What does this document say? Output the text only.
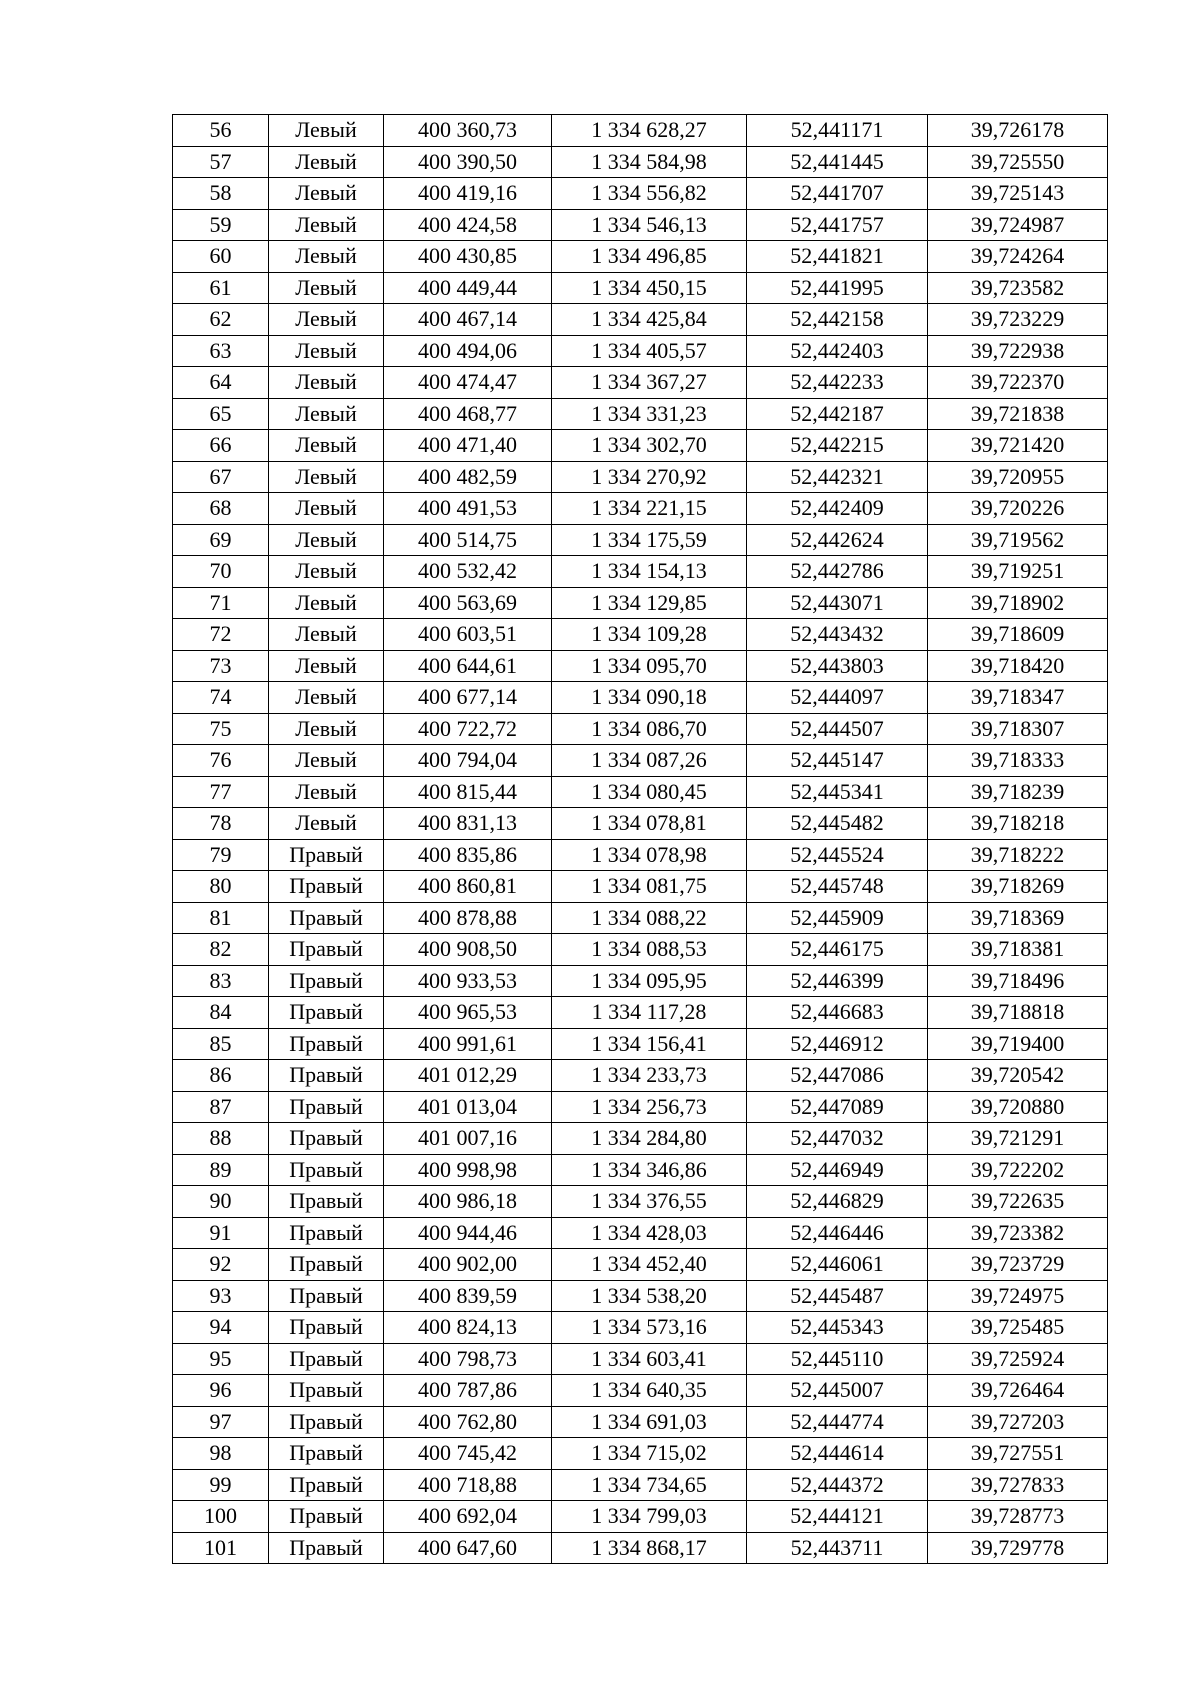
56	Левый	400 360,73	1 334 628,27	52,441171	39,726178
57	Левый	400 390,50	1 334 584,98	52,441445	39,725550
58	Левый	400 419,16	1 334 556,82	52,441707	39,725143
59	Левый	400 424,58	1 334 546,13	52,441757	39,724987
60	Левый	400 430,85	1 334 496,85	52,441821	39,724264
61	Левый	400 449,44	1 334 450,15	52,441995	39,723582
62	Левый	400 467,14	1 334 425,84	52,442158	39,723229
63	Левый	400 494,06	1 334 405,57	52,442403	39,722938
64	Левый	400 474,47	1 334 367,27	52,442233	39,722370
65	Левый	400 468,77	1 334 331,23	52,442187	39,721838
66	Левый	400 471,40	1 334 302,70	52,442215	39,721420
67	Левый	400 482,59	1 334 270,92	52,442321	39,720955
68	Левый	400 491,53	1 334 221,15	52,442409	39,720226
69	Левый	400 514,75	1 334 175,59	52,442624	39,719562
70	Левый	400 532,42	1 334 154,13	52,442786	39,719251
71	Левый	400 563,69	1 334 129,85	52,443071	39,718902
72	Левый	400 603,51	1 334 109,28	52,443432	39,718609
73	Левый	400 644,61	1 334 095,70	52,443803	39,718420
74	Левый	400 677,14	1 334 090,18	52,444097	39,718347
75	Левый	400 722,72	1 334 086,70	52,444507	39,718307
76	Левый	400 794,04	1 334 087,26	52,445147	39,718333
77	Левый	400 815,44	1 334 080,45	52,445341	39,718239
78	Левый	400 831,13	1 334 078,81	52,445482	39,718218
79	Правый	400 835,86	1 334 078,98	52,445524	39,718222
80	Правый	400 860,81	1 334 081,75	52,445748	39,718269
81	Правый	400 878,88	1 334 088,22	52,445909	39,718369
82	Правый	400 908,50	1 334 088,53	52,446175	39,718381
83	Правый	400 933,53	1 334 095,95	52,446399	39,718496
84	Правый	400 965,53	1 334 117,28	52,446683	39,718818
85	Правый	400 991,61	1 334 156,41	52,446912	39,719400
86	Правый	401 012,29	1 334 233,73	52,447086	39,720542
87	Правый	401 013,04	1 334 256,73	52,447089	39,720880
88	Правый	401 007,16	1 334 284,80	52,447032	39,721291
89	Правый	400 998,98	1 334 346,86	52,446949	39,722202
90	Правый	400 986,18	1 334 376,55	52,446829	39,722635
91	Правый	400 944,46	1 334 428,03	52,446446	39,723382
92	Правый	400 902,00	1 334 452,40	52,446061	39,723729
93	Правый	400 839,59	1 334 538,20	52,445487	39,724975
94	Правый	400 824,13	1 334 573,16	52,445343	39,725485
95	Правый	400 798,73	1 334 603,41	52,445110	39,725924
96	Правый	400 787,86	1 334 640,35	52,445007	39,726464
97	Правый	400 762,80	1 334 691,03	52,444774	39,727203
98	Правый	400 745,42	1 334 715,02	52,444614	39,727551
99	Правый	400 718,88	1 334 734,65	52,444372	39,727833
100	Правый	400 692,04	1 334 799,03	52,444121	39,728773
101	Правый	400 647,60	1 334 868,17	52,443711	39,729778
